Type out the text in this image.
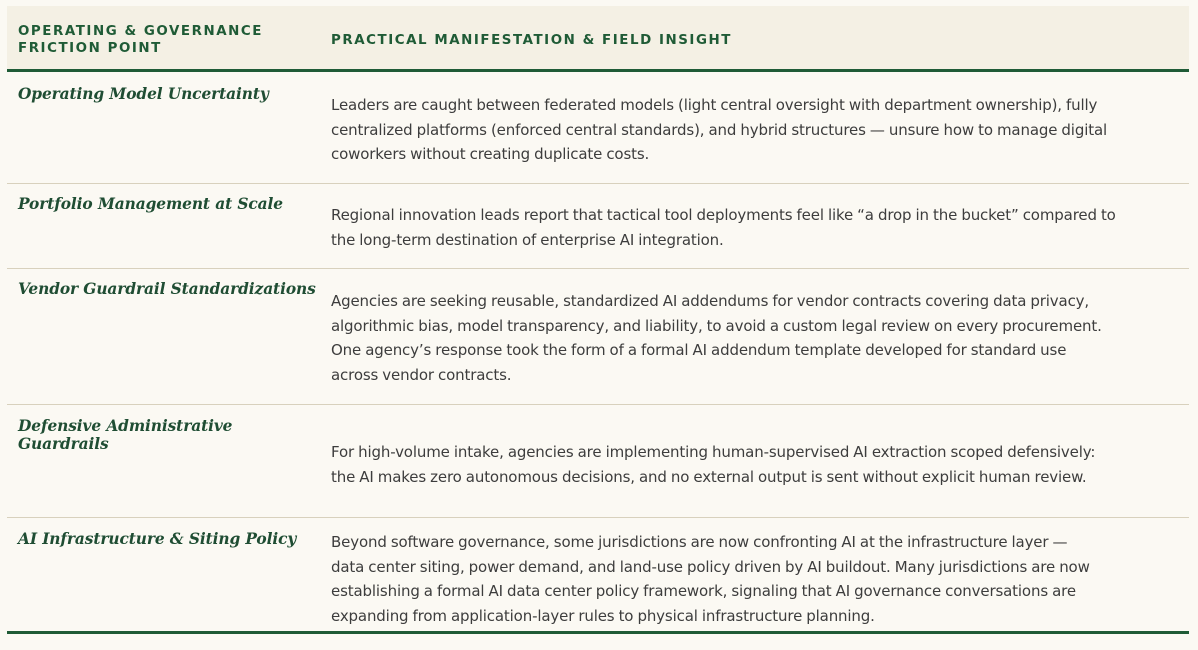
OPERATING & GOVERNANCE FRICTION POINT
PRACTICAL MANIFESTATION & FIELD INSIGHT
Operating Model Uncertainty
Leaders are caught between federated models (light central oversight with department ownership), fully
centralized platforms (enforced central standards), and hybrid structures — unsure how to manage digital
coworkers without creating duplicate costs.
Portfolio Management at Scale
Regional innovation leads report that tactical tool deployments feel like “a drop in the bucket” compared to
the long-term destination of enterprise AI integration.
Vendor Guardrail Standardizations
Agencies are seeking reusable, standardized AI addendums for vendor contracts covering data privacy,
algorithmic bias, model transparency, and liability, to avoid a custom legal review on every procurement.
One agency’s response took the form of a formal AI addendum template developed for standard use
across vendor contracts.
Defensive Administrative Guardrails	For high-volume intake, agencies are implementing human-supervised AI extraction scoped defensively:
the AI makes zero autonomous decisions, and no external output is sent without explicit human review.
AI Infrastructure & Siting Policy	Beyond software governance, some jurisdictions are now confronting AI at the infrastructure layer —
data center siting, power demand, and land-use policy driven by AI buildout. Many jurisdictions are now
establishing a formal AI data center policy framework, signaling that AI governance conversations are
expanding from application-layer rules to physical infrastructure planning.
